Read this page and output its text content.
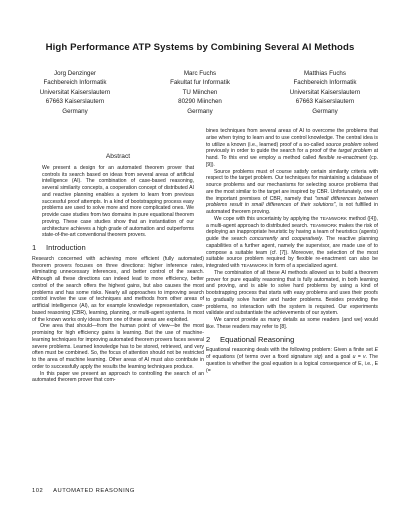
High Performance ATP Systems by Combining Several AI Methods
Jorg Denzinger
Fachbereich Informatik
Universitat Kaiserslautern
67663 Kaiserslautern
Germany
Marc Fuchs
Fakultat fur Informatik
TU Miinchen
80290 Miinchen
Germany
Matthias Fuchs
Fachbereich Informatik
Universitat Kaiserslautern
67663 Kaiserslautern
Germany
Abstract

We present a design for an automated theorem prover that controls its search based on ideas from several areas of artificial intelligence (AI). The combination of case-based reasoning, several similarity concepts, a cooperation concept of distributed AI and reactive planning enables a system to learn from previous successful proof attempts. In a kind of bootstrapping process easy problems are used to solve more and more complicated ones. We provide case studies from two domains in pure equational theorem proving. These case studies show that an instantiation of our architecture achieves a high grade of automation and outperforms state-of-the-art conventional theorem provers.

1 Introduction

Research concerned with achieving more efficient (fully automated) theorem provers focuses on three directions: higher inference rates, eliminating unnecessary inferences, and better control of the search. Although all these directions can indeed lead to more efficiency, better control of the search offers the highest gains, but also causes the most problems and has some risks. Nearly all approaches to improving search control involve the use of techniques and methods from other areas of artificial intelligence (AI), as for example knowledge representation, case-based reasoning (CBR), learning, planning, or multi-agent systems. In most of the known works only ideas from one of these areas are exploited.

One area that should—from the human point of view—be the most promising for high efficiency gains is learning. But the use of machine-learning techniques for improving automated theorem provers faces several severe problems. Learned knowledge has to be stored, retrieved, and very often must be combined. So, the focus of attention should not be restricted to the area of machine learning. Other areas of AI must also contribute in order to successfully apply the results the learning techniques produce.

In this paper we present an approach to controlling the search of an automated theorem prover that com-

bines techniques from several areas of AI to overcome the problems that arise when trying to learn and to use control knowledge. The central idea is to utilize a known (i.e., learned) proof of a so-called source problem solved previously in order to guide the search for a proof of the target problem at hand. To this end we employ a method called flexible re-enactment (cp. [9]).

Source problems must of course satisfy certain similarity criteria with respect to the target problem. Our techniques for maintaining a database of source problems and our mechanisms for selecting source problems that are the most similar to the target are inspired by CBR. Unfortunately, one of the important premises of CBR, namely that "small differences between problems result in small differences of their solutions", is not fulfilled in automated theorem proving.

We cope with this uncertainty by applying the TEAMWORK method ([4]), a multi-agent approach to distributed search. TEAMWORK makes the risk of deploying an inappropriate heuristic by having a team of heuristics (agents) guide the search concurrently and cooperatively. The reactive planning capabilities of a further agent, namely the supervisor, are made use of to compose a suitable team (cf. [7]). Moreover, the selection of the most suitable source problem required by flexible re-enactment can also be integrated with TEAMWORK in form of a specialized agent.

The combination of all these AI methods allowed us to build a theorem prover for pure equality reasoning that is fully automated, in both learning and proving, and is able to solve hard problems by using a kind of bootstrapping process that starts with easy problems and uses their proofs to gradually solve harder and harder problems. Besides providing the problems, no interaction with the system is required. Our experiments validate and substantiate the achievements of our system.

We cannot provide as many details as some readers (and we) would like. These readers may refer to [8].

2 Equational Reasoning

Equational reasoning deals with the following problem: Given a finite set E of equations (of terms over a fixed signature sig) and a goal u = v. The question is whether the goal equation is a logical consequence of E, i.e., E (=

102 AUTOMATED REASONING
